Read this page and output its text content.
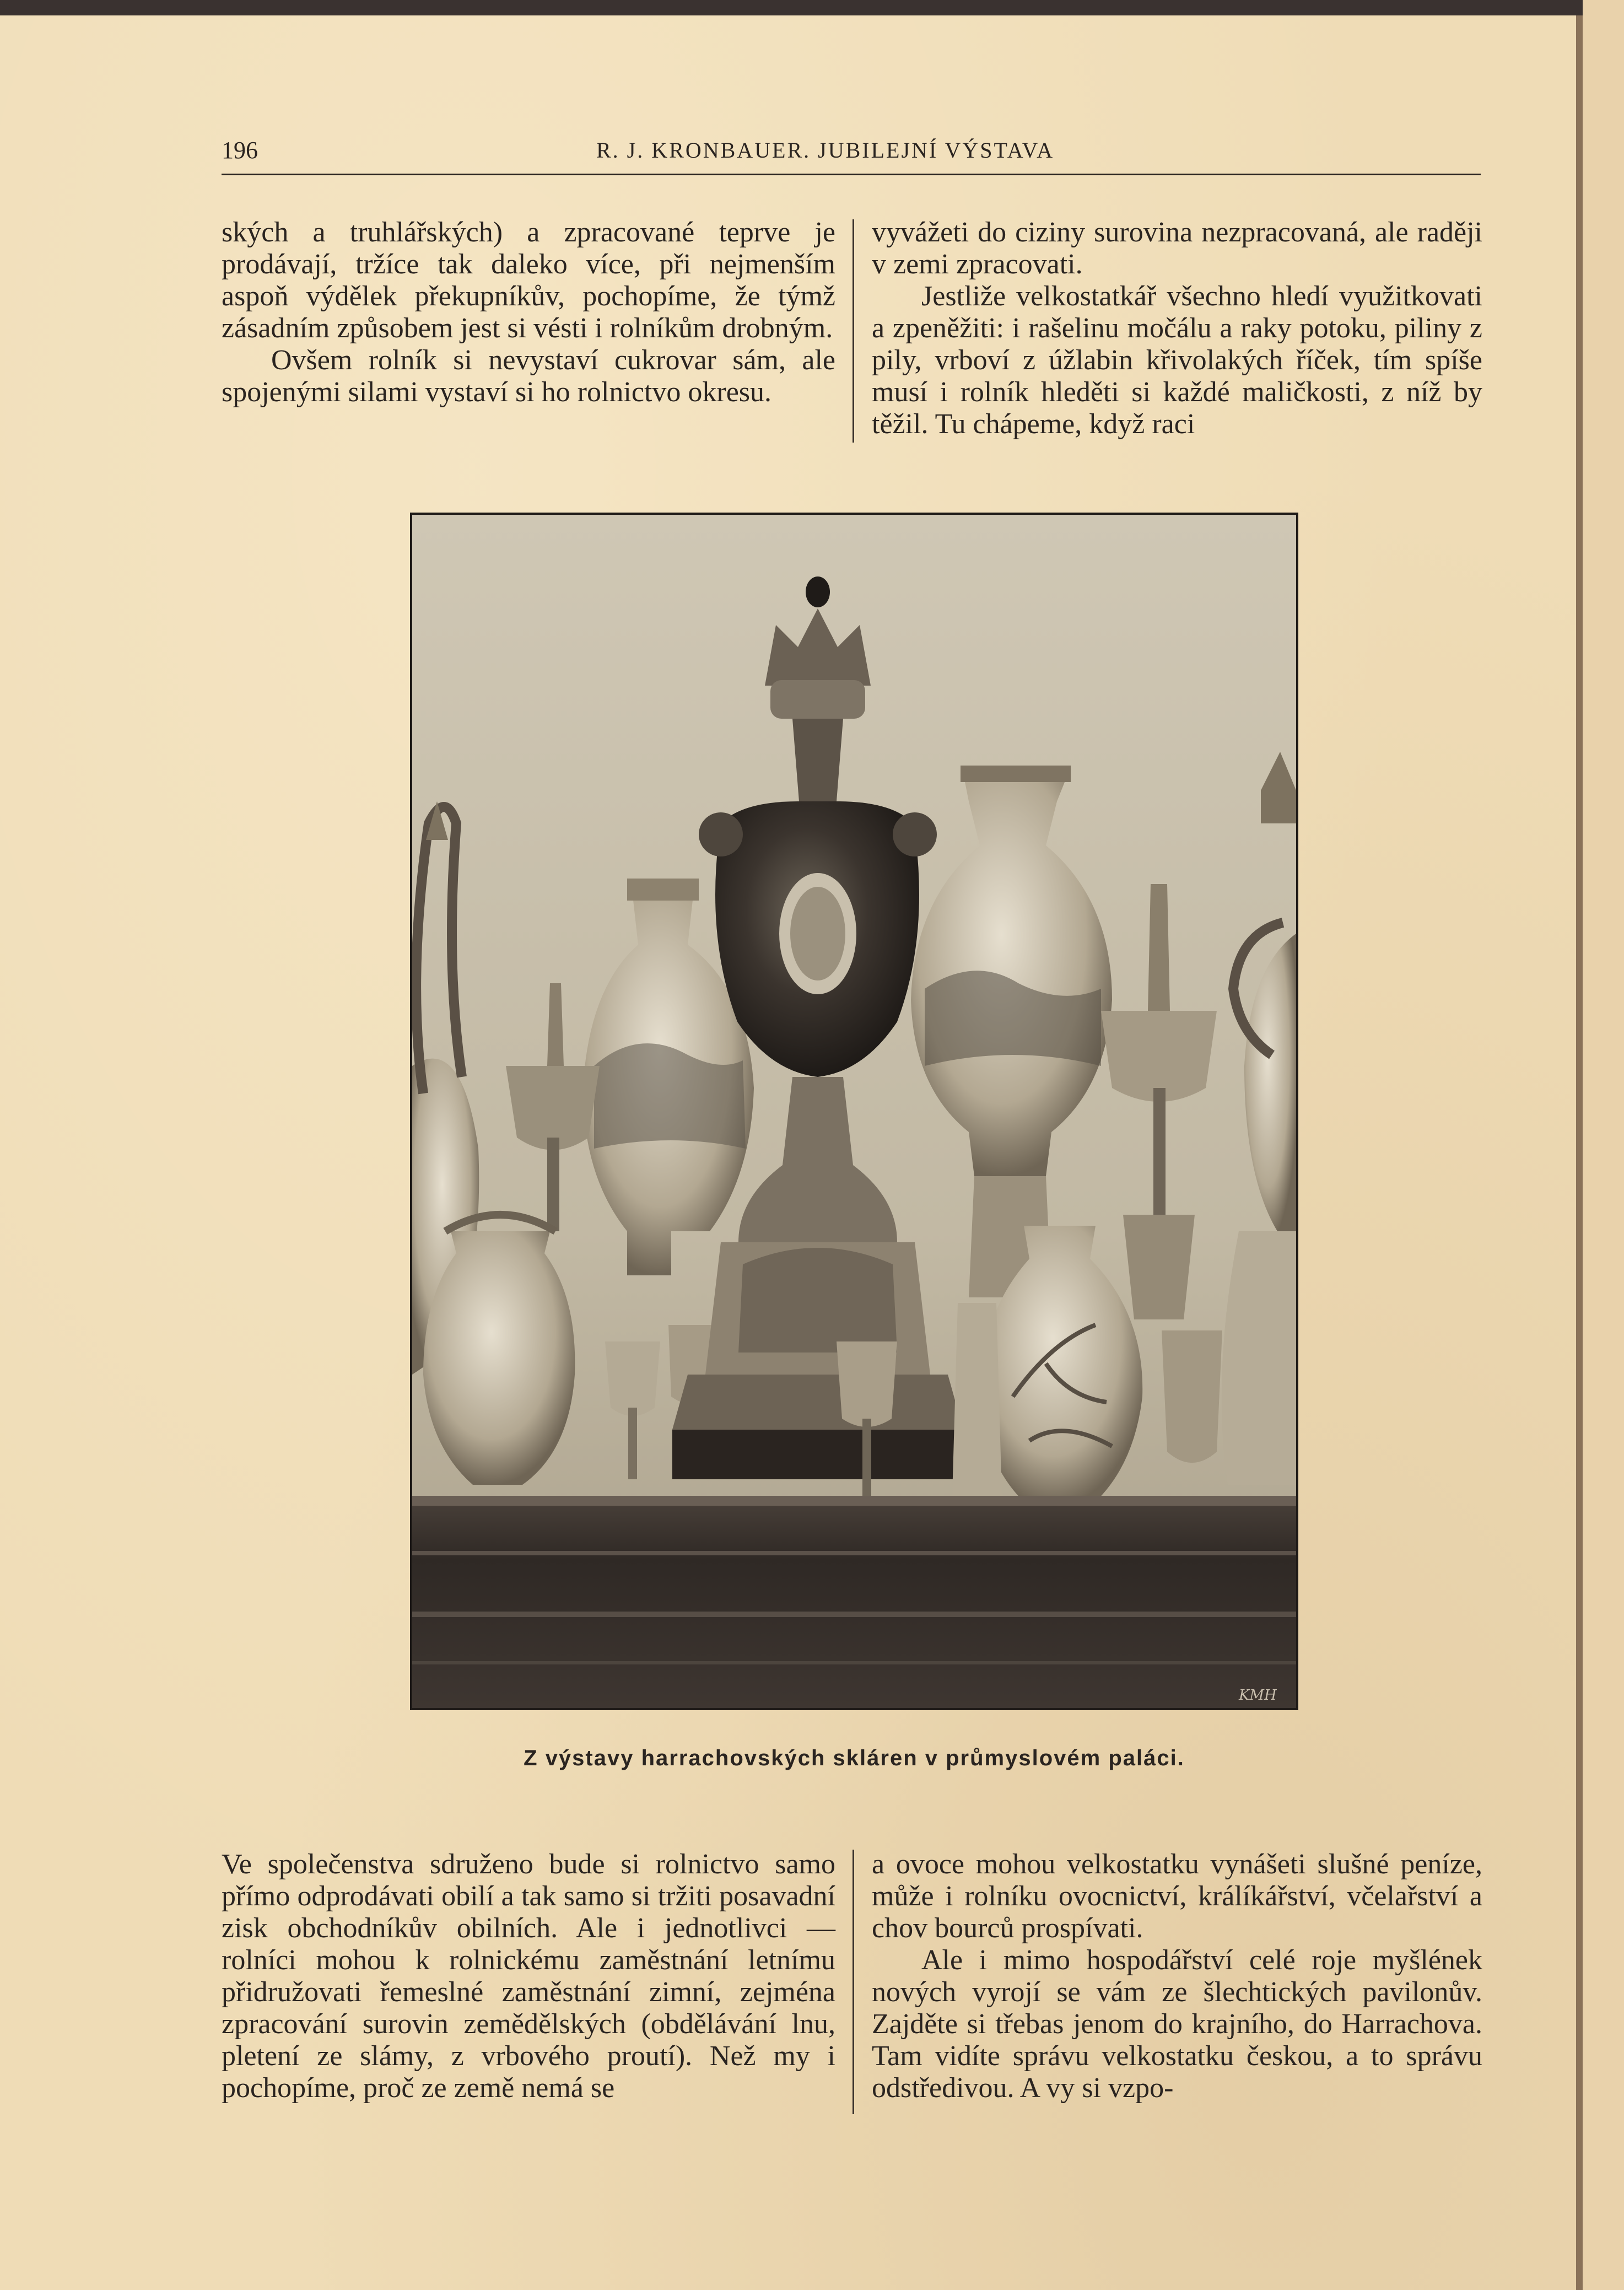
196	R. J. KRONBAUER. JUBILEJNÍ VÝSTAVA

ských a truhlářských) a zpracované teprve je prodávají, tržíce tak daleko více, při nejmenším aspoň výdělek překupníkův, pochopíme, že týmž zásadním způsobem jest si vésti i rolníkům drobným.

Ovšem rolník si nevystaví cukrovar sám, ale spojenými silami vystaví si ho rolnictvo okresu.

vyvážeti do ciziny surovina nezpracovaná, ale raději v zemi zpracovati.

Jestliže velkostatkář všechno hledí využitkovati a zpeněžiti: i rašelinu močálu a raky potoku, piliny z pily, vrboví z úžlabin křivolakých říček, tím spíše musí i rolník hleděti si každé maličkosti, z níž by těžil. Tu chápeme, když raci

KMH
Z výstavy harrachovských skláren v průmyslovém paláci.

Ve společenstva sdruženo bude si rolnictvo samo přímo odprodávati obilí a tak samo si tržiti posavadní zisk obchodníkův obilních. Ale i jednotlivci — rolníci mohou k rolnickému zaměstnání letnímu přidružovati řemeslné zaměstnání zimní, zejména zpracování surovin zemědělských (obdělávání lnu, pletení ze slámy, z vrbového proutí). Než my i pochopíme, proč ze země nemá se

a ovoce mohou velkostatku vynášeti slušné peníze, může i rolníku ovocnictví, králíkářství, včelařství a chov bourců prospívati.

Ale i mimo hospodářství celé roje myšlének nových vyrojí se vám ze šlechtických pavilonův. Zajděte si třebas jenom do krajního, do Harrachova. Tam vidíte správu velkostatku českou, a to správu odstředivou. A vy si vzpo-
